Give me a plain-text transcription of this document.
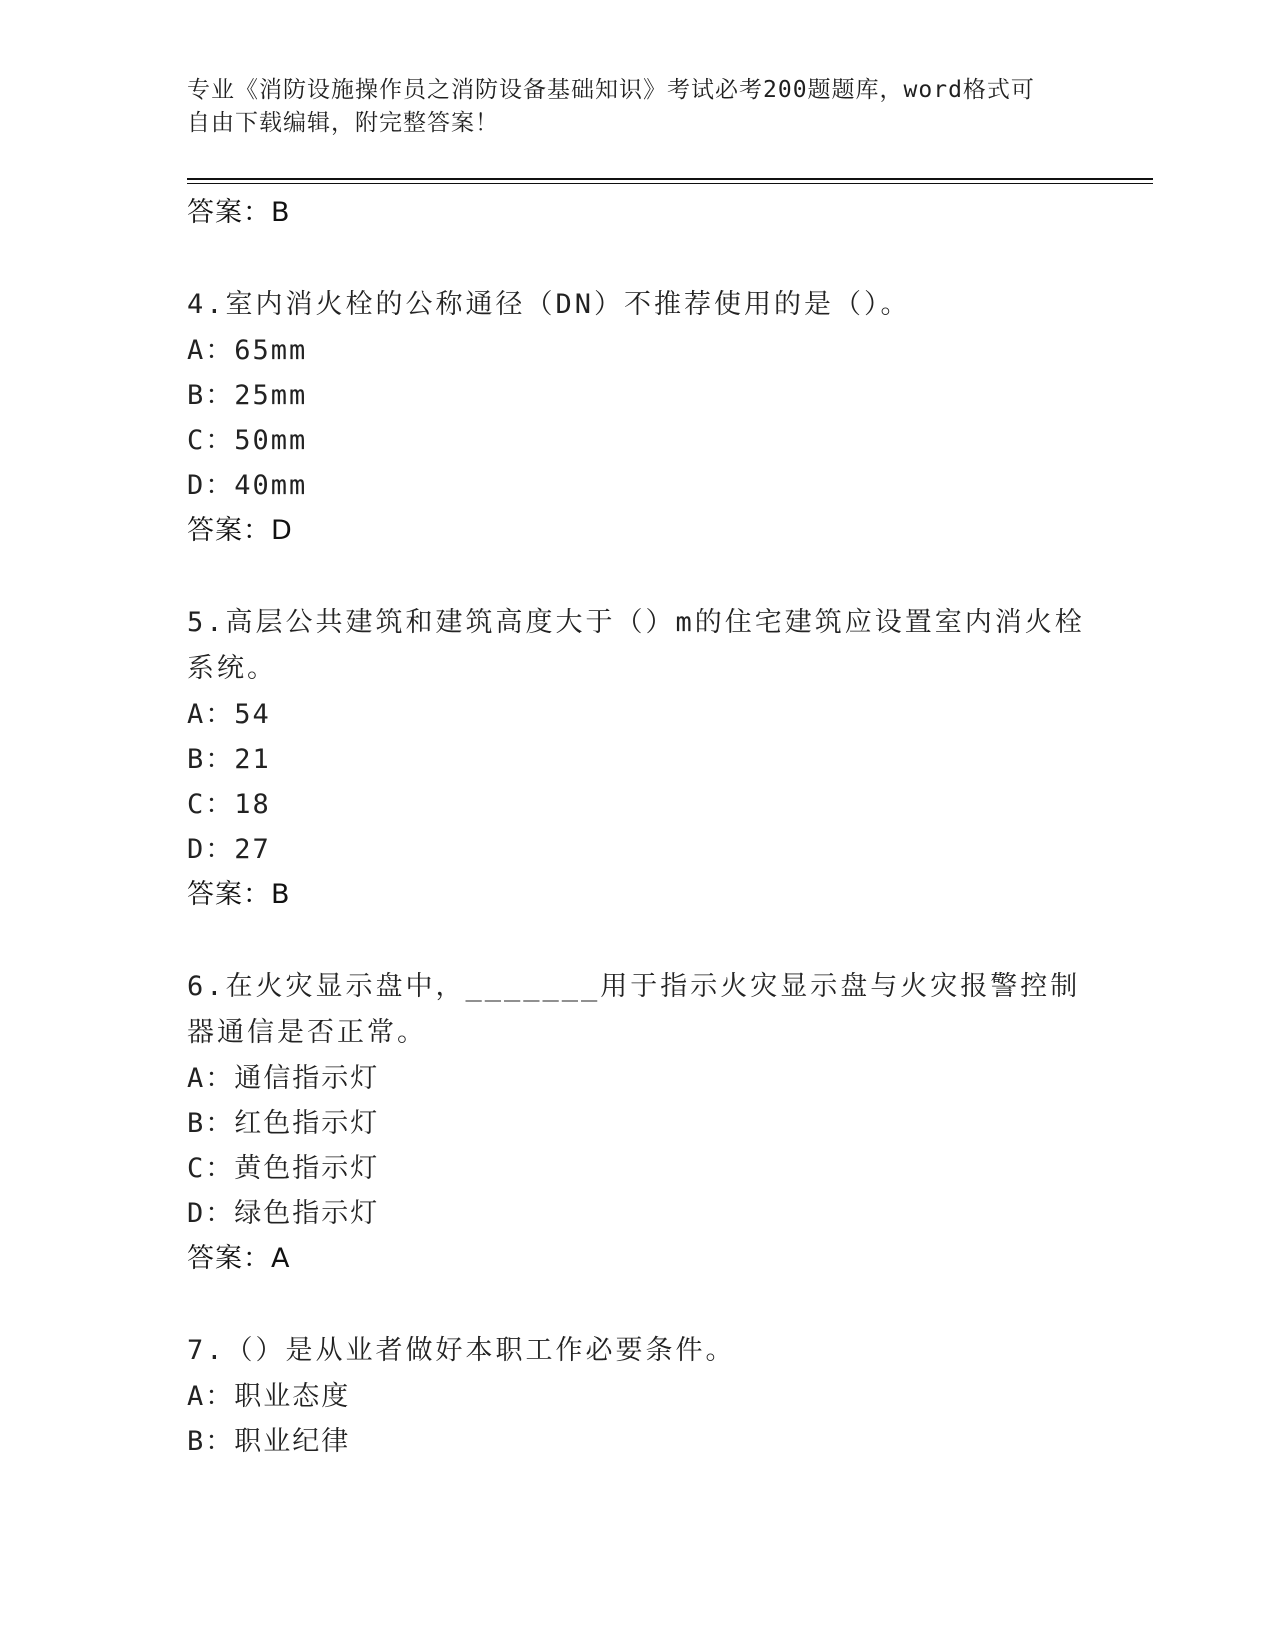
专业《消防设施操作员之消防设备基础知识》考试必考200题题库，word格式可
自由下载编辑，附完整答案！
答案：B
4.室内消火栓的公称通径（DN）不推荐使用的是（）。
A：65mm
B：25mm
C：50mm
D：40mm
答案：D
5.高层公共建筑和建筑高度大于（）m的住宅建筑应设置室内消火栓系统。
A：54
B：21
C：18
D：27
答案：B
6.在火灾显示盘中，_______用于指示火灾显示盘与火灾报警控制器通信是否正常。
A：通信指示灯
B：红色指示灯
C：黄色指示灯
D：绿色指示灯
答案：A
7.（）是从业者做好本职工作必要条件。
A：职业态度
B：职业纪律
